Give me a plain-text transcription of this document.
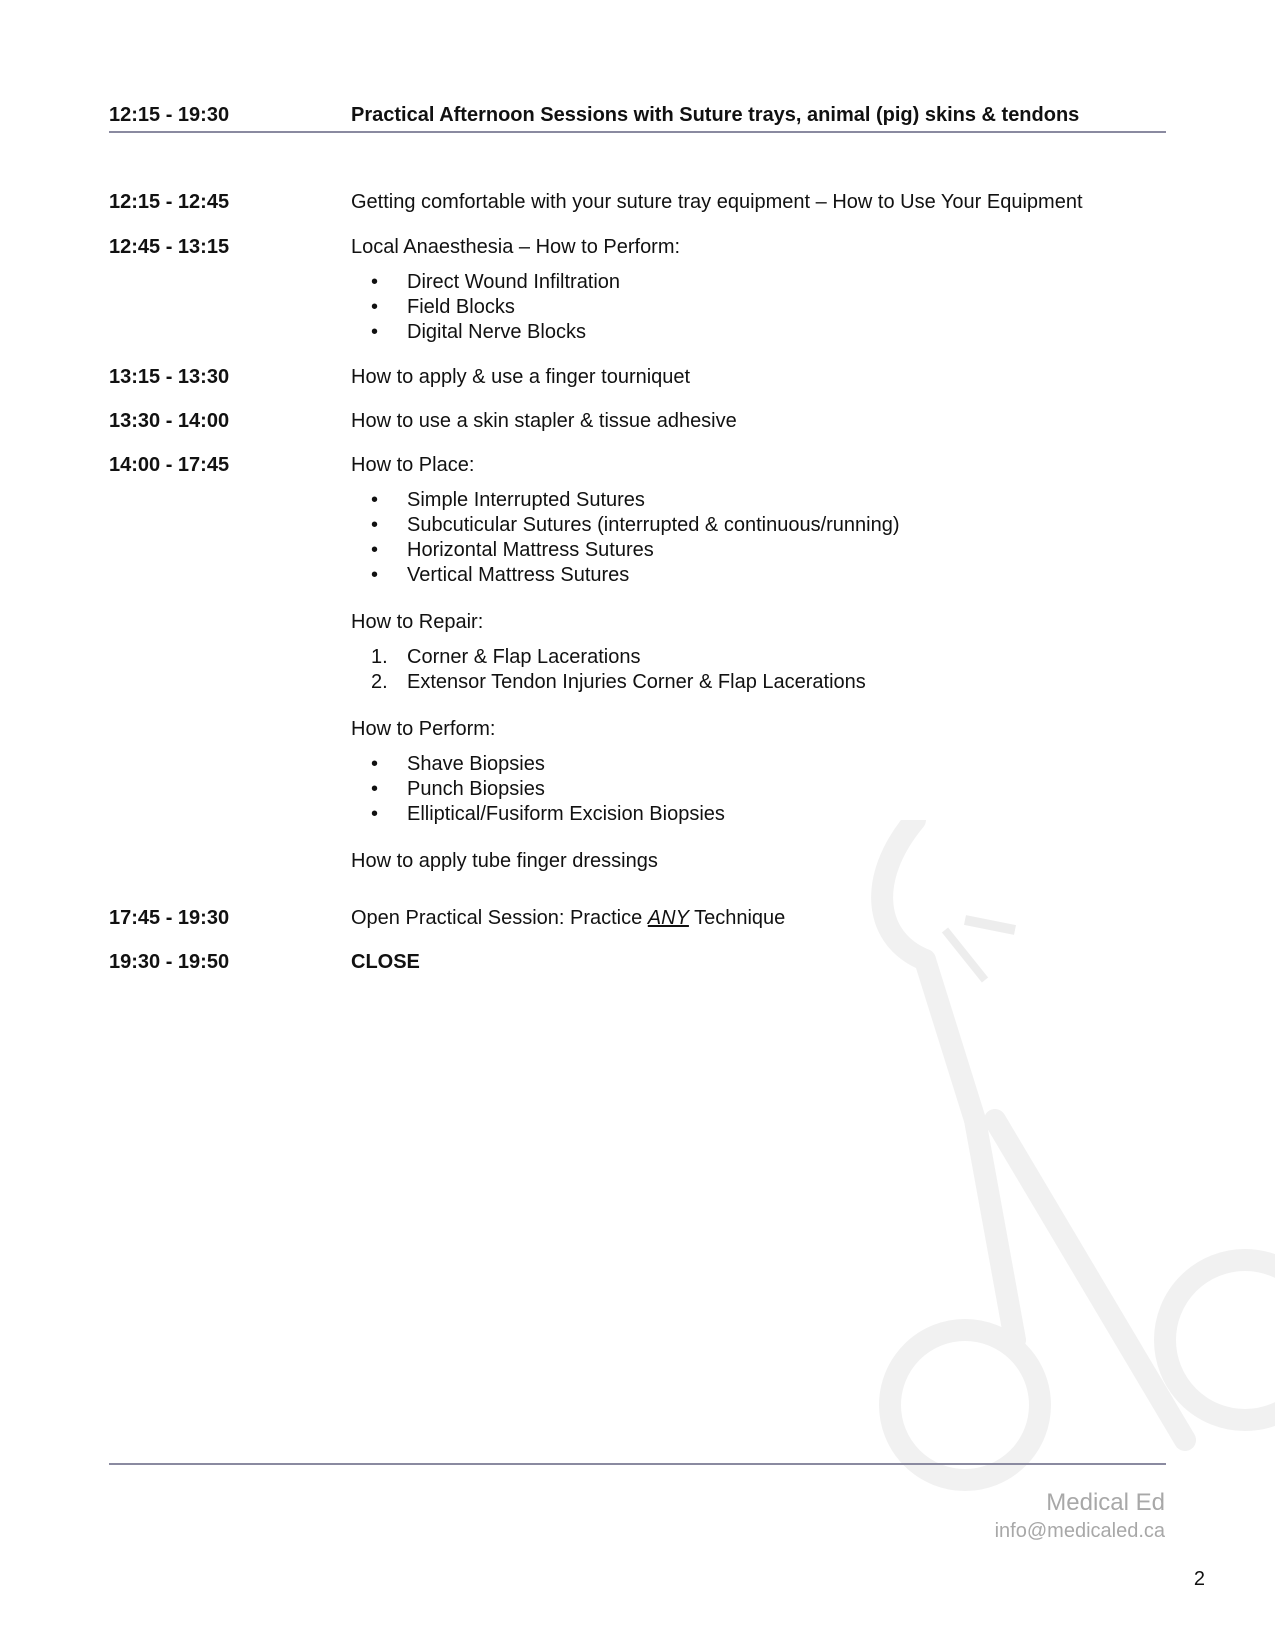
12:15 - 19:30	Practical Afternoon Sessions with Suture trays, animal (pig) skins & tendons
12:15 - 12:45	Getting comfortable with your suture tray equipment – How to Use Your Equipment
12:45 - 13:15	Local Anaesthesia – How to Perform:
• Direct Wound Infiltration
• Field Blocks
• Digital Nerve Blocks
13:15 - 13:30	How to apply & use a finger tourniquet
13:30 - 14:00	How to use a skin stapler & tissue adhesive
14:00 - 17:45	How to Place:
• Simple Interrupted Sutures
• Subcuticular Sutures (interrupted & continuous/running)
• Horizontal Mattress Sutures
• Vertical Mattress Sutures
How to Repair:
1. Corner & Flap Lacerations
2. Extensor Tendon Injuries Corner & Flap Lacerations
How to Perform:
• Shave Biopsies
• Punch Biopsies
• Elliptical/Fusiform Excision Biopsies
How to apply tube finger dressings
17:45 - 19:30	Open Practical Session: Practice ANY Technique
19:30 - 19:50	CLOSE
Medical Ed
info@medicaled.ca
2
